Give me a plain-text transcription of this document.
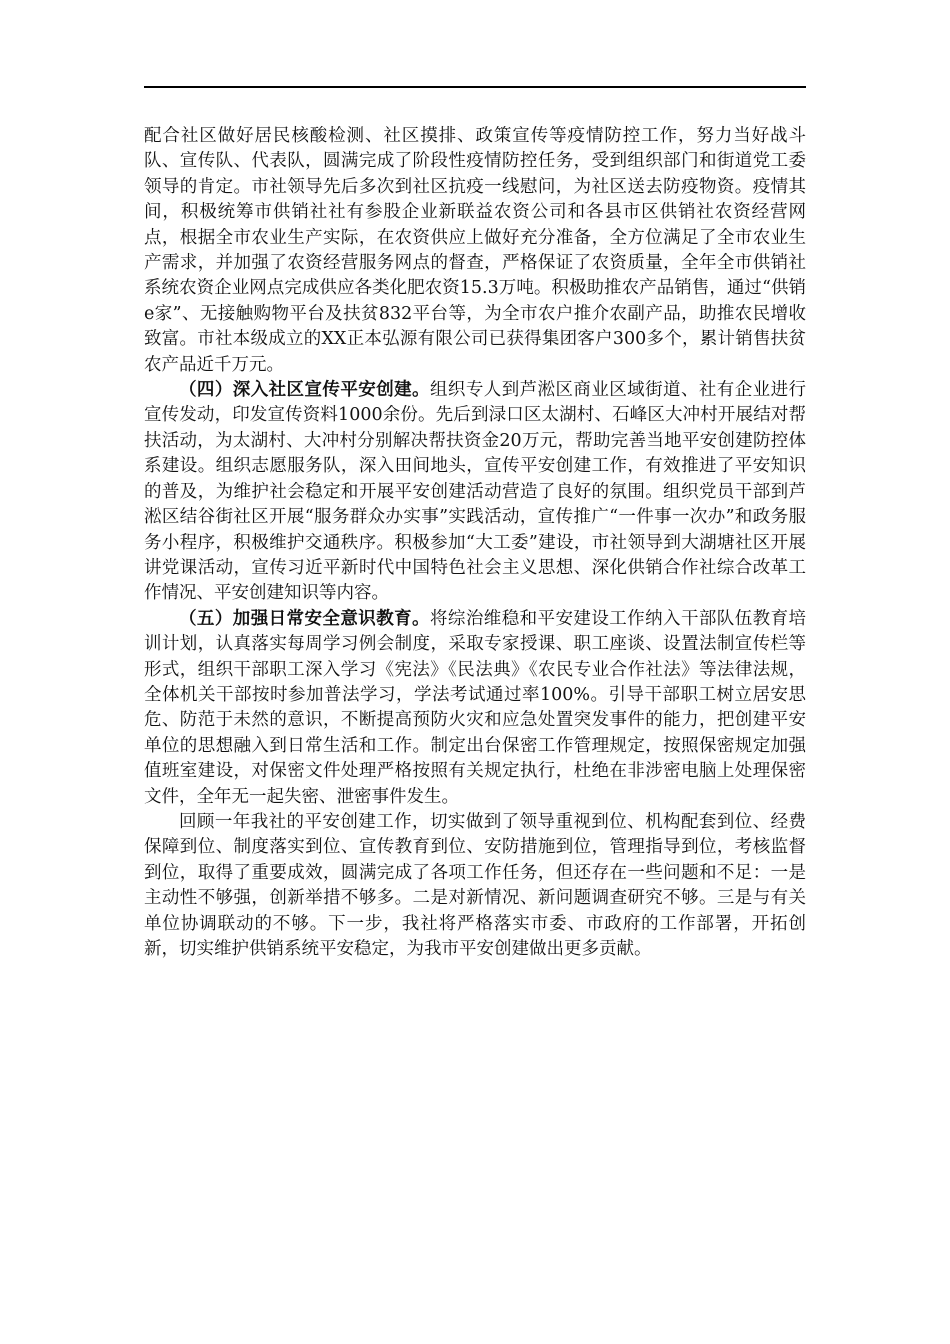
配合社区做好居民核酸检测、社区摸排、政策宣传等疫情防控工作，努力当好战斗队、宣传队、代表队，圆满完成了阶段性疫情防控任务，受到组织部门和街道党工委领导的肯定。市社领导先后多次到社区抗疫一线慰问，为社区送去防疫物资。疫情其间，积极统筹市供销社社有参股企业新联益农资公司和各县市区供销社农资经营网点，根据全市农业生产实际，在农资供应上做好充分准备，全方位满足了全市农业生产需求，并加强了农资经营服务网点的督查，严格保证了农资质量，全年全市供销社系统农资企业网点完成供应各类化肥农资15.3万吨。积极助推农产品销售，通过“供销e家”、无接触购物平台及扶贫832平台等，为全市农户推介农副产品，助推农民增收致富。市社本级成立的XX正本弘源有限公司已获得集团客户300多个，累计销售扶贫农产品近千万元。

（四）深入社区宣传平安创建。组织专人到芦淞区商业区域街道、社有企业进行宣传发动，印发宣传资料1000余份。先后到渌口区太湖村、石峰区大冲村开展结对帮扶活动，为太湖村、大冲村分别解决帮扶资金20万元，帮助完善当地平安创建防控体系建设。组织志愿服务队，深入田间地头，宣传平安创建工作，有效推进了平安知识的普及，为维护社会稳定和开展平安创建活动营造了良好的氛围。组织党员干部到芦淞区结谷街社区开展“服务群众办实事”实践活动，宣传推广“一件事一次办”和政务服务小程序，积极维护交通秩序。积极参加“大工委”建设，市社领导到大湖塘社区开展讲党课活动，宣传习近平新时代中国特色社会主义思想、深化供销合作社综合改革工作情况、平安创建知识等内容。

（五）加强日常安全意识教育。将综治维稳和平安建设工作纳入干部队伍教育培训计划，认真落实每周学习例会制度，采取专家授课、职工座谈、设置法制宣传栏等形式，组织干部职工深入学习《宪法》《民法典》《农民专业合作社法》等法律法规，全体机关干部按时参加普法学习，学法考试通过率100%。引导干部职工树立居安思危、防范于未然的意识，不断提高预防火灾和应急处置突发事件的能力，把创建平安单位的思想融入到日常生活和工作。制定出台保密工作管理规定，按照保密规定加强值班室建设，对保密文件处理严格按照有关规定执行，杜绝在非涉密电脑上处理保密文件，全年无一起失密、泄密事件发生。

回顾一年我社的平安创建工作，切实做到了领导重视到位、机构配套到位、经费保障到位、制度落实到位、宣传教育到位、安防措施到位，管理指导到位，考核监督到位，取得了重要成效，圆满完成了各项工作任务，但还存在一些问题和不足：一是主动性不够强，创新举措不够多。二是对新情况、新问题调查研究不够。三是与有关单位协调联动的不够。下一步，我社将严格落实市委、市政府的工作部署，开拓创新，切实维护供销系统平安稳定，为我市平安创建做出更多贡献。
